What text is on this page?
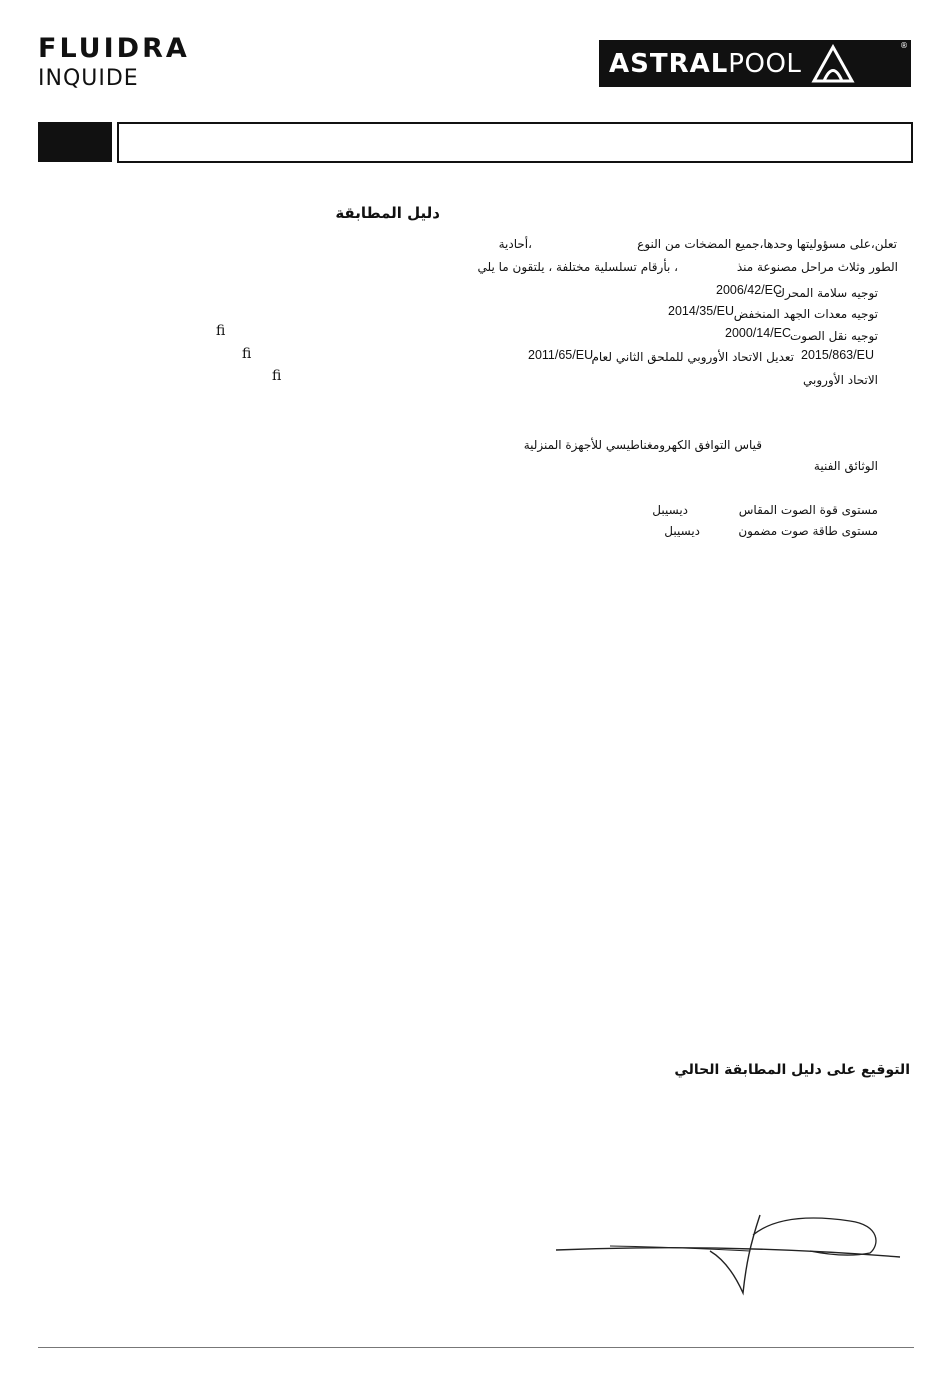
FLUIDRA
INQUIDE	ASTRAL POOL
®
دليل المطابقة
تعلن،على مسؤوليتها وحدها،جميع المضخات من النوع
،أحادية
الطور وثلاث مراحل مصنوعة منذ
، بأرقام تسلسلية مختلفة ، يلتقون ما يلي
توجيه سلامة المحرك
2006/42/EC
توجيه معدات الجهد المنخفض
2014/35/EU
توجيه نقل الصوت
2000/14/EC
fi
2015/863/EU
تعديل الاتحاد الأوروبي للملحق الثاني لعام
2011/65/EU
fi
الاتحاد الأوروبي
fi
قياس التوافق الكهرومغناطيسي للأجهزة المنزلية
الوثائق الفنية
مستوى قوة الصوت المقاس
ديسيبل
مستوى طاقة صوت مضمون
ديسيبل
التوقيع على دليل المطابقة الحالي
